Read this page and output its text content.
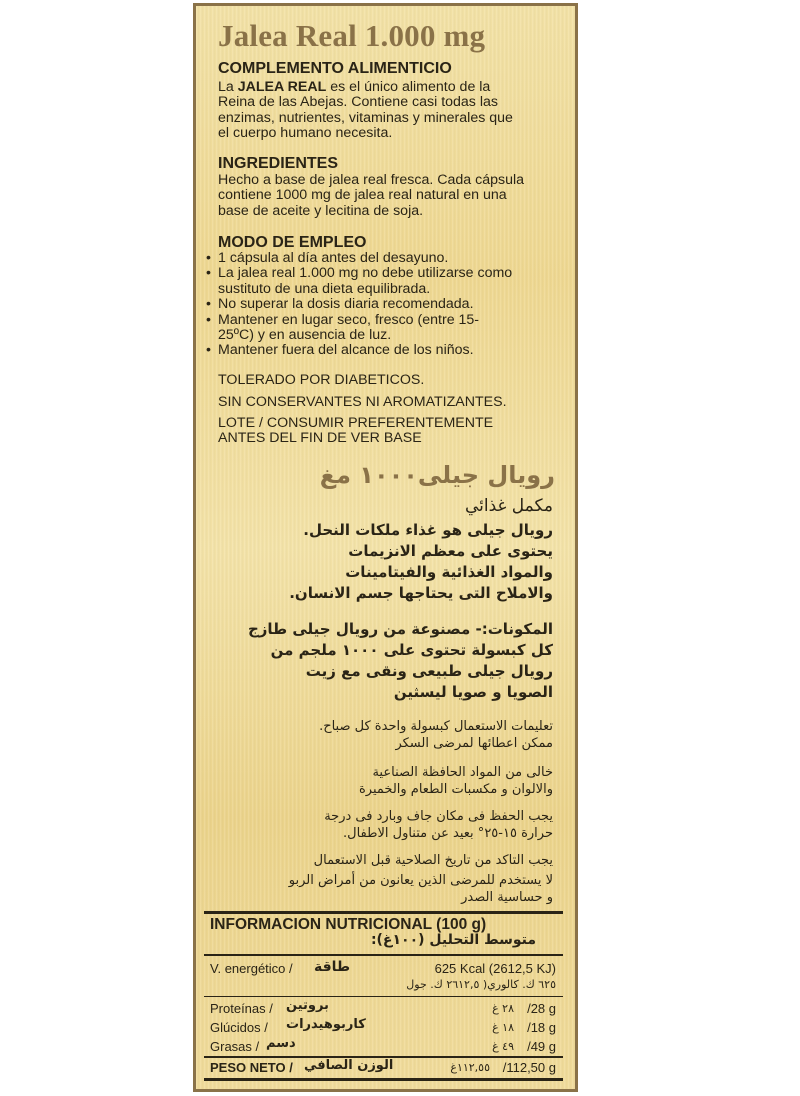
Jalea Real 1.000 mg
COMPLEMENTO ALIMENTICIO
La JALEA REAL es el único alimento de la
Reina de las Abejas. Contiene casi todas las
enzimas, nutrientes, vitaminas y minerales que
el cuerpo humano necesita.
INGREDIENTES
Hecho a base de jalea real fresca. Cada cápsula
contiene 1000 mg de jalea real natural en una
base de aceite y lecitina de soja.
MODO DE EMPLEO
• 1 cápsula al día antes del desayuno.
• La jalea real 1.000 mg no debe utilizarse como
sustituto de una dieta equilibrada.
• No superar la dosis diaria recomendada.
• Mantener en lugar seco, fresco (entre 15-
25ºC) y en ausencia de luz.
• Mantener fuera del alcance de los niños.
TOLERADO POR DIABETICOS.
SIN CONSERVANTES NI AROMATIZANTES.
LOTE / CONSUMIR PREFERENTEMENTE
ANTES DEL FIN DE VER BASE
رويال جيلى١٠٠٠ مغ
مكمل غذائي
رويال جيلى هو غذاء ملكات النحل.
يحتوى على معظم الانزيمات
والمواد الغذائية والفيتامينات
والاملاح التى يحتاجها جسم الانسان.
المكونات:- مصنوعة من رويال جيلى طازج
كل كبسولة تحتوى على ١٠٠٠ ملجم من
رويال جيلى طبيعى ونقى مع زيت
الصويا و صويا ليسثين
تعليمات الاستعمال كبسولة واحدة كل صباح.
ممكن اعطائها لمرضى السكر
خالى من المواد الحافظة الصناعية
والالوان و مكسبات الطعام والخميرة
يجب الحفظ فى مكان جاف وبارد فى درجة
حرارة ١٥-٢٥° بعيد عن متناول الاطفال.
يجب التاكد من تاريخ الصلاحية قبل الاستعمال
لا يستخدم للمرضى الذين يعانون من أمراض الربو
و حساسية الصدر
INFORMACION NUTRICIONAL (100 g)
متوسط التحليل (١٠٠غ):
V. energético / طاقة	625 Kcal (2612,5 KJ)
٦٢٥ ك. كالوري( ٢٦١٢,٥ ك. جول
Proteínas / بروتين	٢٨ غ /28 g
Glúcidos / كاربوهيدرات	١٨ غ /18 g
Grasas / دسم	٤٩ غ /49 g
PESO NETO / الوزن الصافي	١١٢,٥٥غ /112,50 g
